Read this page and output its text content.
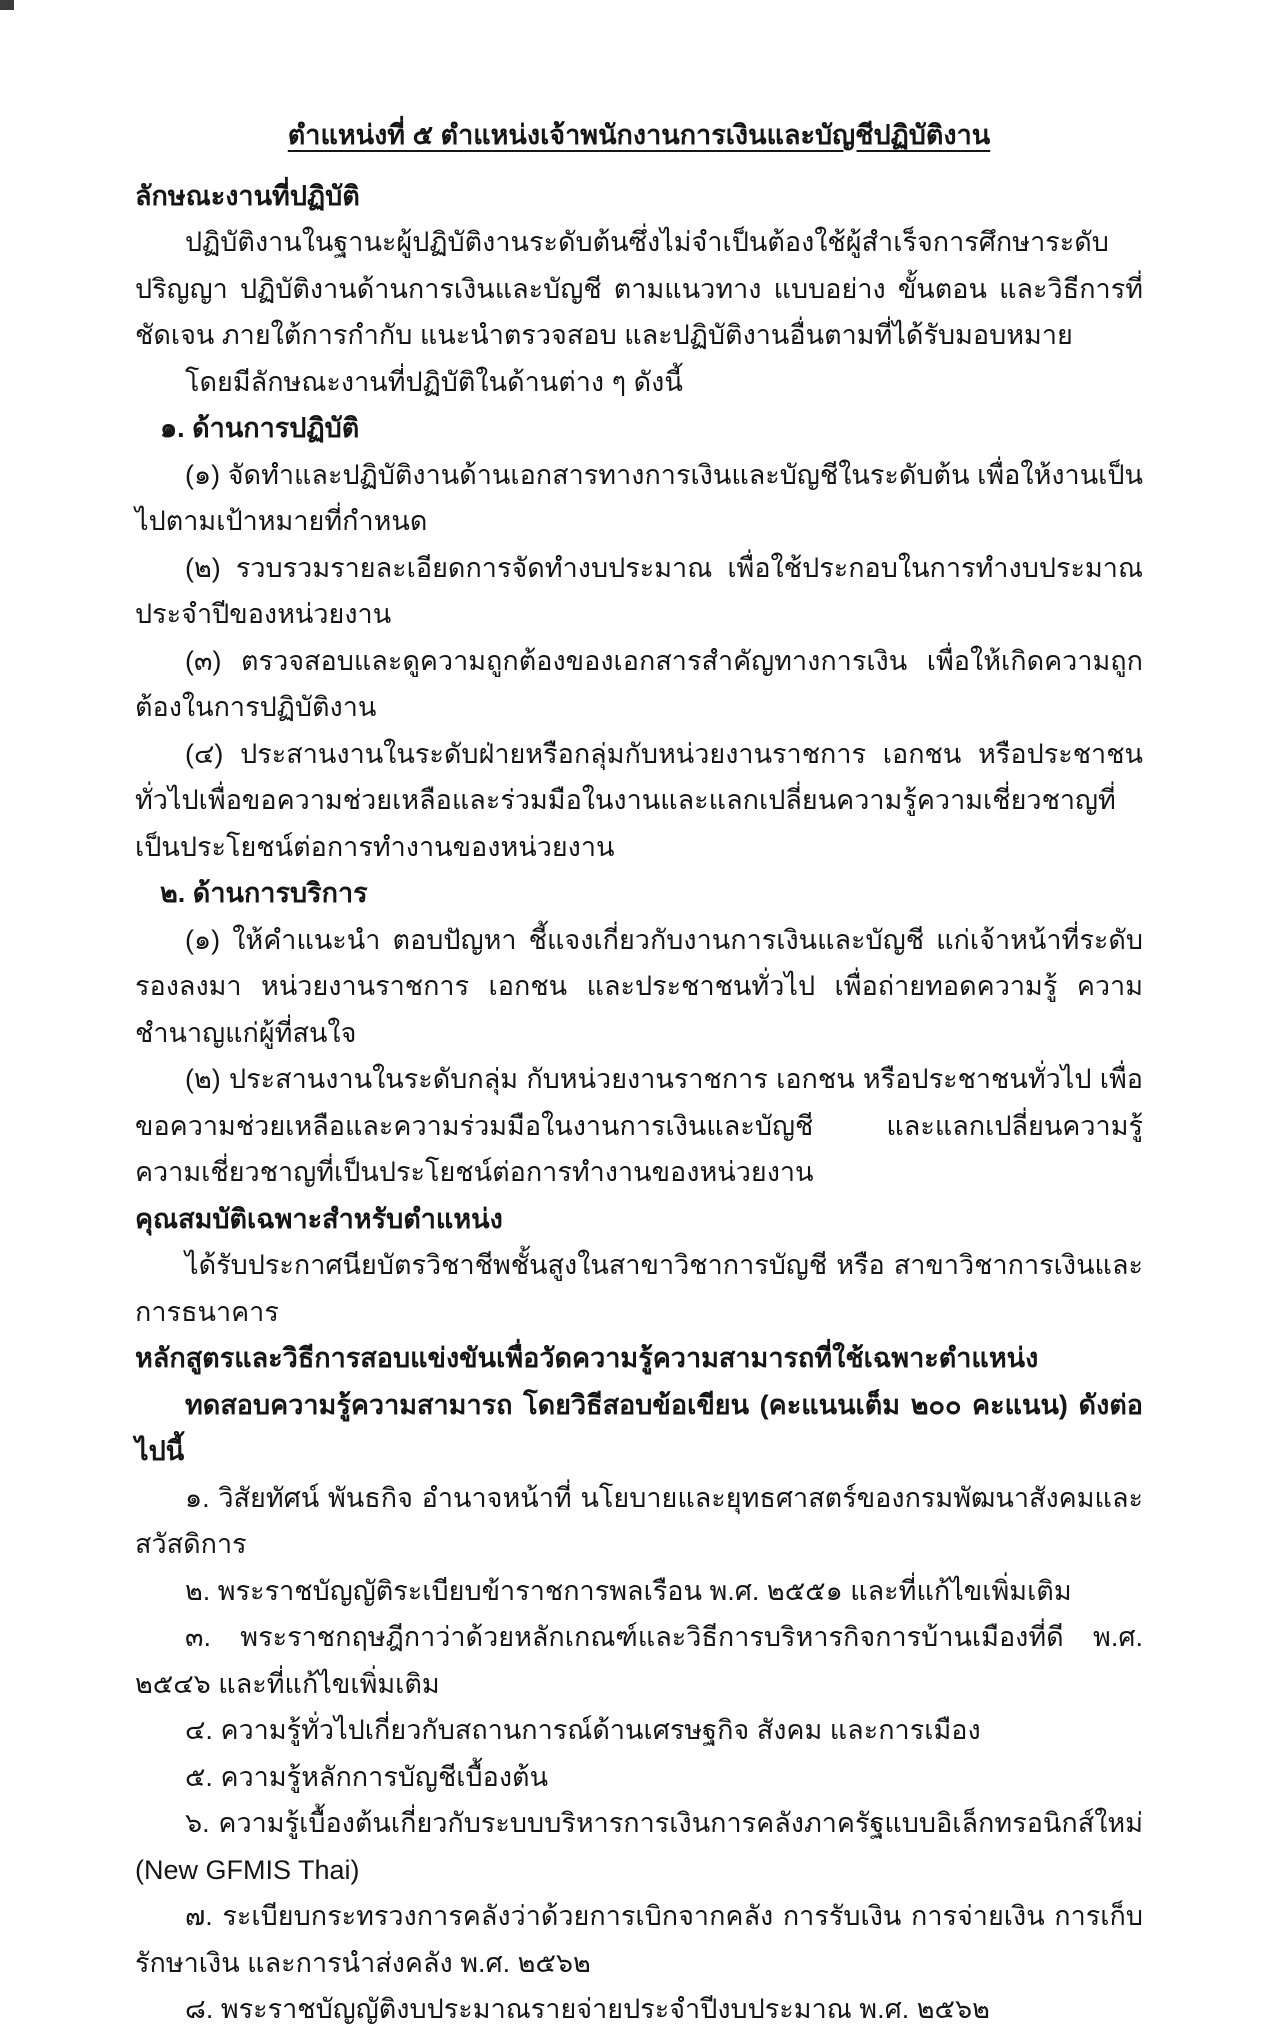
ตำแหน่งที่ ๕ ตำแหน่งเจ้าพนักงานการเงินและบัญชีปฏิบัติงาน
ลักษณะงานที่ปฏิบัติ

ปฏิบัติงานในฐานะผู้ปฏิบัติงานระดับต้นซึ่งไม่จำเป็นต้องใช้ผู้สำเร็จการศึกษาระดับปริญญา ปฏิบัติงานด้านการเงินและบัญชี ตามแนวทาง แบบอย่าง ขั้นตอน และวิธีการที่ชัดเจน ภายใต้การกำกับ แนะนำตรวจสอบ และปฏิบัติงานอื่นตามที่ได้รับมอบหมาย

โดยมีลักษณะงานที่ปฏิบัติในด้านต่าง ๆ ดังนี้

๑. ด้านการปฏิบัติ

(๑) จัดทำและปฏิบัติงานด้านเอกสารทางการเงินและบัญชีในระดับต้น เพื่อให้งานเป็นไปตามเป้าหมายที่กำหนด

(๒) รวบรวมรายละเอียดการจัดทำงบประมาณ เพื่อใช้ประกอบในการทำงบประมาณประจำปีของหน่วยงาน

(๓) ตรวจสอบและดูความถูกต้องของเอกสารสำคัญทางการเงิน เพื่อให้เกิดความถูกต้องในการปฏิบัติงาน

(๔) ประสานงานในระดับฝ่ายหรือกลุ่มกับหน่วยงานราชการ เอกชน หรือประชาชนทั่วไปเพื่อขอความช่วยเหลือและร่วมมือในงานและแลกเปลี่ยนความรู้ความเชี่ยวชาญที่เป็นประโยชน์ต่อการทำงานของหน่วยงาน

๒. ด้านการบริการ

(๑) ให้คำแนะนำ ตอบปัญหา ชี้แจงเกี่ยวกับงานการเงินและบัญชี แก่เจ้าหน้าที่ระดับรองลงมา หน่วยงานราชการ เอกชน และประชาชนทั่วไป เพื่อถ่ายทอดความรู้ ความชำนาญแก่ผู้ที่สนใจ

(๒) ประสานงานในระดับกลุ่ม กับหน่วยงานราชการ เอกชน หรือประชาชนทั่วไป เพื่อขอความช่วยเหลือและความร่วมมือในงานการเงินและบัญชี และแลกเปลี่ยนความรู้ความเชี่ยวชาญที่เป็นประโยชน์ต่อการทำงานของหน่วยงาน

คุณสมบัติเฉพาะสำหรับตำแหน่ง

ได้รับประกาศนียบัตรวิชาชีพชั้นสูงในสาขาวิชาการบัญชี หรือ สาขาวิชาการเงินและการธนาคาร

หลักสูตรและวิธีการสอบแข่งขันเพื่อวัดความรู้ความสามารถที่ใช้เฉพาะตำแหน่ง

ทดสอบความรู้ความสามารถ โดยวิธีสอบข้อเขียน (คะแนนเต็ม ๒๐๐ คะแนน) ดังต่อไปนี้

๑. วิสัยทัศน์ พันธกิจ อำนาจหน้าที่ นโยบายและยุทธศาสตร์ของกรมพัฒนาสังคมและสวัสดิการ

๒. พระราชบัญญัติระเบียบข้าราชการพลเรือน พ.ศ. ๒๕๕๑ และที่แก้ไขเพิ่มเติม

๓. พระราชกฤษฎีกาว่าด้วยหลักเกณฑ์และวิธีการบริหารกิจการบ้านเมืองที่ดี พ.ศ. ๒๕๔๖ และที่แก้ไขเพิ่มเติม

๔. ความรู้ทั่วไปเกี่ยวกับสถานการณ์ด้านเศรษฐกิจ สังคม และการเมือง

๕. ความรู้หลักการบัญชีเบื้องต้น

๖. ความรู้เบื้องต้นเกี่ยวกับระบบบริหารการเงินการคลังภาครัฐแบบอิเล็กทรอนิกส์ใหม่ (New GFMIS Thai)

๗. ระเบียบกระทรวงการคลังว่าด้วยการเบิกจากคลัง การรับเงิน การจ่ายเงิน การเก็บรักษาเงิน และการนำส่งคลัง พ.ศ. ๒๕๖๒

๘. พระราชบัญญัติงบประมาณรายจ่ายประจำปีงบประมาณ พ.ศ. ๒๕๖๒
